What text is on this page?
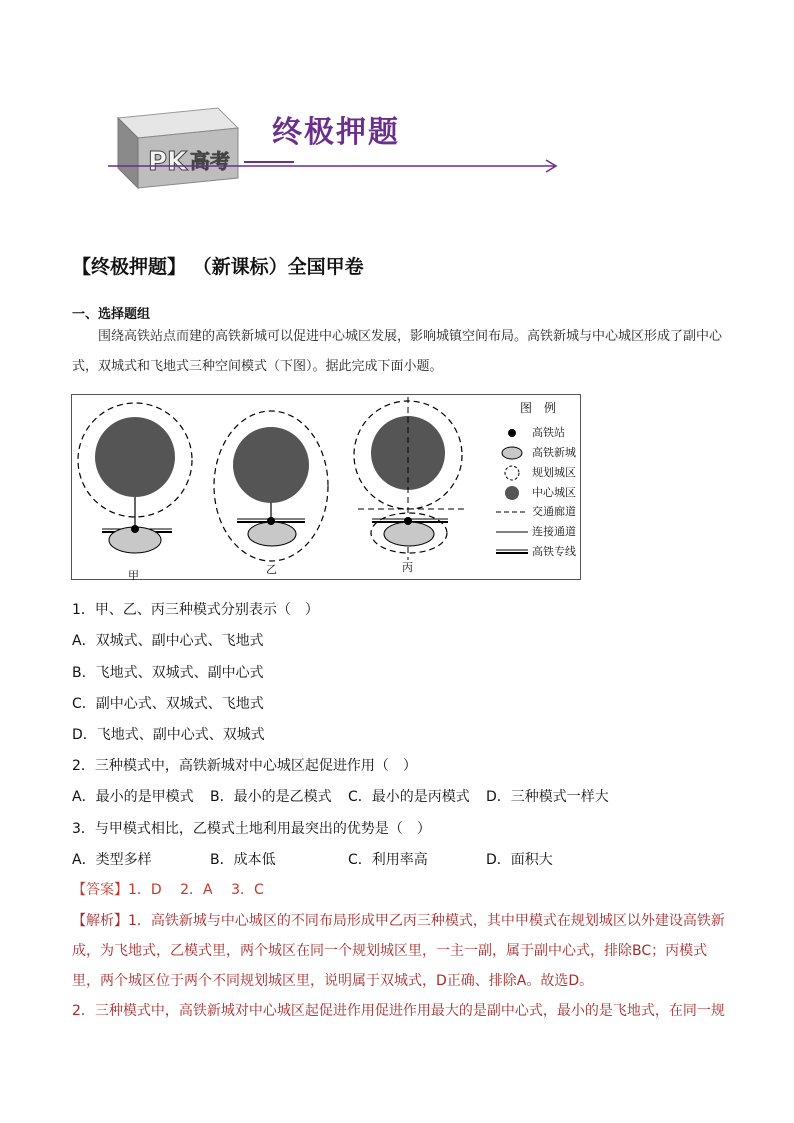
PK 高考
终极押题
【终极押题】 （新课标）全国甲卷
一、选择题组
围绕高铁站点而建的高铁新城可以促进中心城区发展，影响城镇空间布局。高铁新城与中心城区形成了副中心式，双城式和飞地式三种空间模式（下图）。据此完成下面小题。
图　例
高铁站
高铁新城
规划城区
中心城区
交通廊道
连接通道
高铁专线
甲	乙	丙
1．甲、乙、丙三种模式分别表示（　）
A．双城式、副中心式、飞地式
B．飞地式、双城式、副中心式
C．副中心式、双城式、飞地式
D．飞地式、副中心式、双城式
2．三种模式中，高铁新城对中心城区起促进作用（　）
A．最小的是甲模式 B．最小的是乙模式 C．最小的是丙模式 D．三种模式一样大
3．与甲模式相比，乙模式土地利用最突出的优势是（　）
A．类型多样	B．成本低	C．利用率高	D．面积大
【答案】1．D　 2．A　 3．C

【解析】1．高铁新城与中心城区的不同布局形成甲乙丙三种模式，其中甲模式在规划城区以外建设高铁新成，为飞地式，乙模式里，两个城区在同一个规划城区里，一主一副，属于副中心式，排除BC；丙模式里，两个城区位于两个不同规划城区里，说明属于双城式，D正确、排除A。故选D。

2．三种模式中，高铁新城对中心城区起促进作用促进作用最大的是副中心式，最小的是飞地式，在同一规
